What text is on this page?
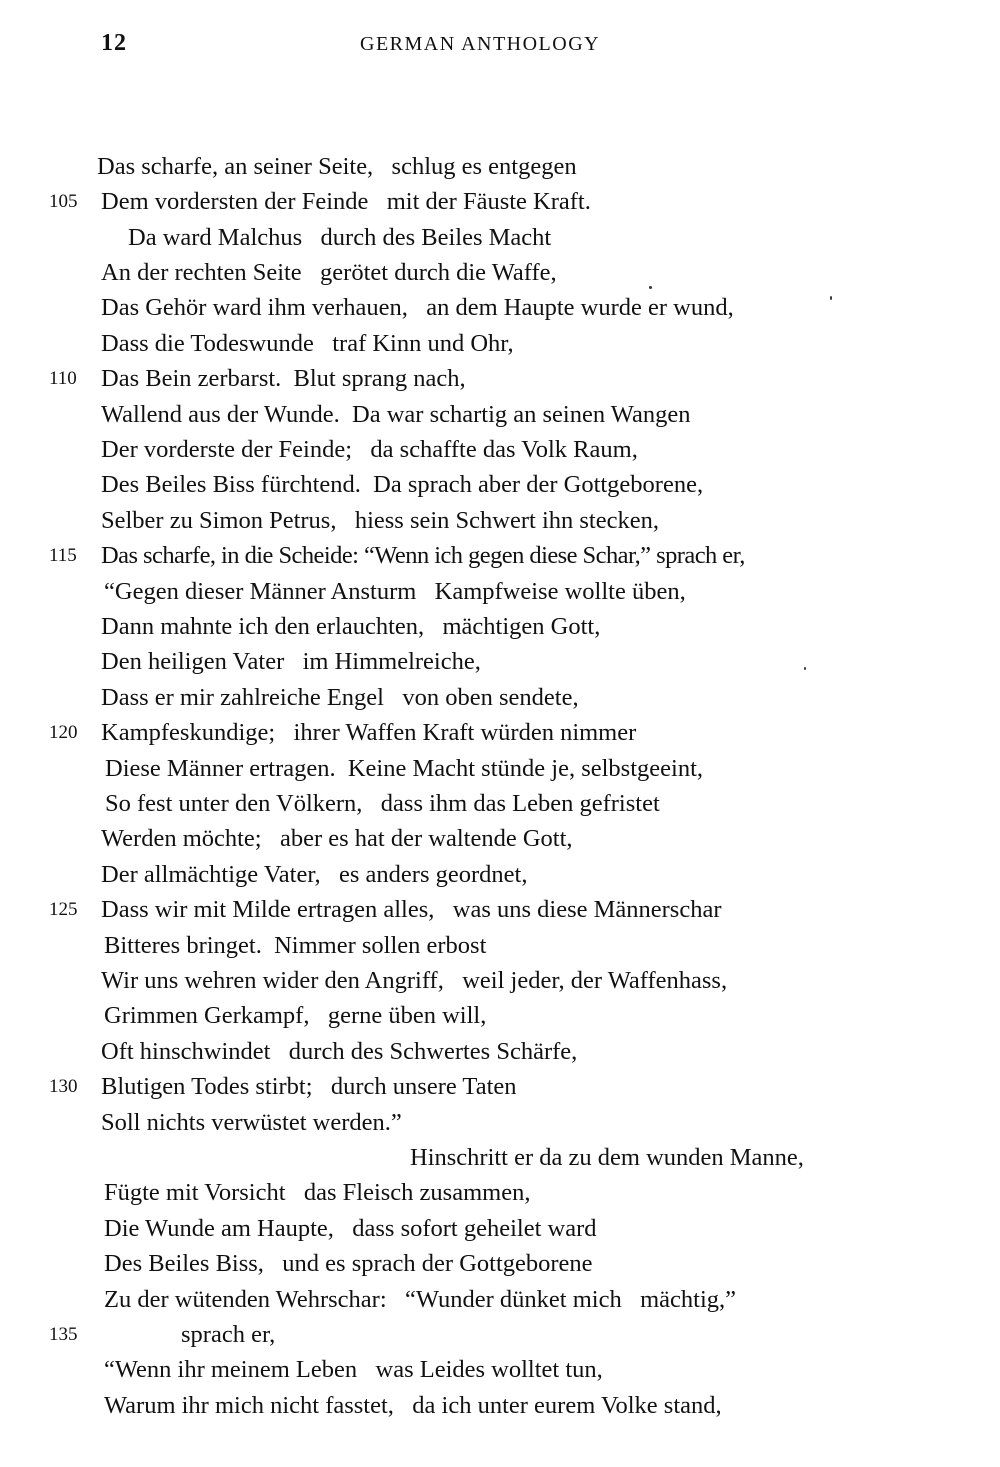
12	GERMAN ANTHOLOGY

Das scharfe, an seiner Seite,   schlug es entgegen

Dem vordersten der Feinde   mit der Fäuste Kraft.

105

Da ward Malchus   durch des Beiles Macht

An der rechten Seite   gerötet durch die Waffe,

Das Gehör ward ihm verhauen,   an dem Haupte wurde er wund,

Dass die Todeswunde   traf Kinn und Ohr,

Das Bein zerbarst.  Blut sprang nach,

110

Wallend aus der Wunde.  Da war schartig an seinen Wangen

Der vorderste der Feinde;   da schaffte das Volk Raum,

Des Beiles Biss fürchtend.  Da sprach aber der Gottgeborene,

Selber zu Simon Petrus,   hiess sein Schwert ihn stecken,

Das scharfe, in die Scheide: “Wenn ich gegen diese Schar,” sprach er,

115

“Gegen dieser Männer Ansturm   Kampfweise wollte üben,

Dann mahnte ich den erlauchten,   mächtigen Gott,

Den heiligen Vater   im Himmelreiche,

Dass er mir zahlreiche Engel   von oben sendete,

Kampfeskundige;   ihrer Waffen Kraft würden nimmer

120

Diese Männer ertragen.  Keine Macht stünde je, selbstgeeint,

So fest unter den Völkern,   dass ihm das Leben gefristet

Werden möchte;   aber es hat der waltende Gott,

Der allmächtige Vater,   es anders geordnet,

Dass wir mit Milde ertragen alles,   was uns diese Männerschar

125

Bitteres bringet.  Nimmer sollen erbost

Wir uns wehren wider den Angriff,   weil jeder, der Waffenhass,

Grimmen Gerkampf,   gerne üben will,

Oft hinschwindet   durch des Schwertes Schärfe,

Blutigen Todes stirbt;   durch unsere Taten

130

Soll nichts verwüstet werden.”

Hinschritt er da zu dem wunden Manne,

Fügte mit Vorsicht   das Fleisch zusammen,

Die Wunde am Haupte,   dass sofort geheilet ward

Des Beiles Biss,   und es sprach der Gottgeborene

Zu der wütenden Wehrschar:   “Wunder dünket mich   mächtig,”

sprach er,

135

“Wenn ihr meinem Leben   was Leides wolltet tun,

Warum ihr mich nicht fasstet,   da ich unter eurem Volke stand,
